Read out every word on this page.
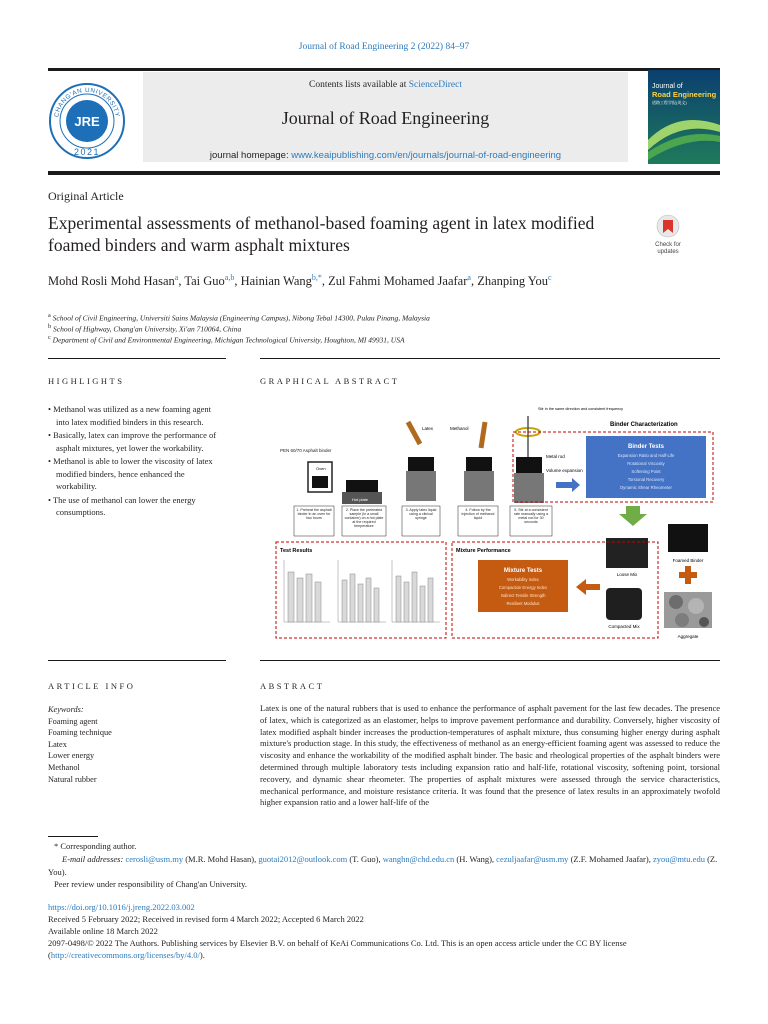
Journal of Road Engineering 2 (2022) 84–97
Contents lists available at ScienceDirect
Journal of Road Engineering
journal homepage: www.keaipublishing.com/en/journals/journal-of-road-engineering
CHANG'AN UNIVERSITY
JRE
2021
Journal of
Road Engineering
道路工程学报(英文)
Original Article
Experimental assessments of methanol-based foaming agent in latex modified foamed binders and warm asphalt mixtures	Check for
updates
Mohd Rosli Mohd Hasan$^a$, Tai Guo$^{a,b}$, Hainian Wang$^{b,*}$, Zul Fahmi Mohamed Jaafar$^a$, Zhanping You$^c$
$^a$ School of Civil Engineering, Universiti Sains Malaysia (Engineering Campus), Nibong Tebal 14300, Pulau Pinang, Malaysia
$^b$ School of Highway, Chang'an University, Xi'an 710064, China
$^c$ Department of Civil and Environmental Engineering, Michigan Technological University, Houghton, MI 49931, USA
HIGHLIGHTS
• Methanol was utilized as a new foaming agent into latex modified binders in this research.
• Basically, latex can improve the performance of asphalt mixtures, yet lower the workability.
• Methanol is able to lower the viscosity of latex modified binders, hence enhanced the workability.
• The use of methanol can lower the energy consumptions.
GRAPHICAL ABSTRACT
PEN 60/70 Asphalt binder
Oven
Hot plate
Latex	Methanol
Stir in the same direction and consistent frequency
Metal rod
Volume expansion
1. Preheat the asphalt binder in an oven for two hours
2. Place the preheated sample (in a small container) on a hot plate at the required temperature
3. Apply latex liquid using a clinical syringe
4. Follow by the injection of methanol liquid
5. Stir at a consistent rate manually using a metal rod for 30 seconds
Binder Characterization
Binder Tests
Expansion Ratio and Half-Life
Rotational Viscosity
Softening Point
Torsional Recovery
Dynamic Shear Rheometer
Foamed Binder
Aggregate
Loose Mix
Compacted Mix
Mixture Performance
Mixture Tests
Workability Index
Compaction Energy Index
Indirect Tensile Strength
Resilient Modulus
Test Results
ARTICLE INFO
Keywords:
Foaming agent
Foaming technique
Latex
Lower energy
Methanol
Natural rubber
ABSTRACT
Latex is one of the natural rubbers that is used to enhance the performance of asphalt pavement for the last few decades. The presence of latex, which is categorized as an elastomer, helps to improve pavement performance and durability. Conversely, higher viscosity of latex modified asphalt binder increases the production-temperatures of asphalt mixture, thus consuming higher energy during asphalt mixture's production stage. In this study, the effectiveness of methanol as an energy-efficient foaming agent was assessed to reduce the viscosity and enhance the workability of the modified asphalt binder. The basic and rheological properties of the asphalt binders were determined through multiple laboratory tests including expansion ratio and half-life, rotational viscosity, softening point, torsional recovery, and dynamic shear rheometer. The properties of asphalt mixtures were assessed through the service characteristics, mechanical performance, and moisture resistance criteria. It was found that the presence of latex results in an approximately twofold higher expansion ratio and a lower half-life of the
* Corresponding author.
E-mail addresses: cerosli@usm.my (M.R. Mohd Hasan), guotai2012@outlook.com (T. Guo), wanghn@chd.edu.cn (H. Wang), cezuljaafar@usm.my (Z.F. Mohamed Jaafar), zyou@mtu.edu (Z. You).
Peer review under responsibility of Chang'an University.
https://doi.org/10.1016/j.jreng.2022.03.002
Received 5 February 2022; Received in revised form 4 March 2022; Accepted 6 March 2022
Available online 18 March 2022
2097-0498/© 2022 The Authors. Publishing services by Elsevier B.V. on behalf of KeAi Communications Co. Ltd. This is an open access article under the CC BY license (http://creativecommons.org/licenses/by/4.0/).
